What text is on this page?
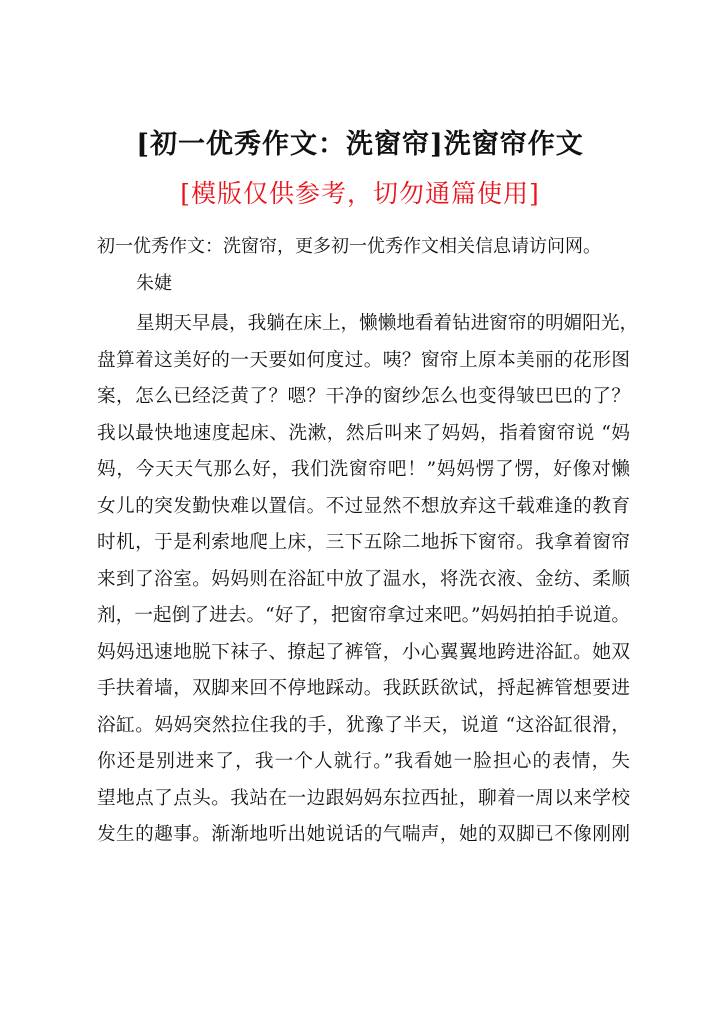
[初一优秀作文：洗窗帘]洗窗帘作文
[模版仅供参考，切勿通篇使用]
初一优秀作文：洗窗帘，更多初一优秀作文相关信息请访问网。
朱婕
星期天早晨，我躺在床上，懒懒地看着钻进窗帘的明媚阳光，
盘算着这美好的一天要如何度过。咦？窗帘上原本美丽的花形图
案，怎么已经泛黄了？嗯？干净的窗纱怎么也变得皱巴巴的了？
我以最快地速度起床、洗漱，然后叫来了妈妈，指着窗帘说 “妈
妈，今天天气那么好，我们洗窗帘吧！”妈妈愣了愣，好像对懒
女儿的突发勤快难以置信。不过显然不想放弃这千载难逢的教育
时机，于是利索地爬上床，三下五除二地拆下窗帘。我拿着窗帘
来到了浴室。妈妈则在浴缸中放了温水，将洗衣液、金纺、柔顺
剂，一起倒了进去。“好了，把窗帘拿过来吧。”妈妈拍拍手说道。
妈妈迅速地脱下袜子、撩起了裤管，小心翼翼地跨进浴缸。她双
手扶着墙，双脚来回不停地踩动。我跃跃欲试，捋起裤管想要进
浴缸。妈妈突然拉住我的手，犹豫了半天，说道 “这浴缸很滑，
你还是别进来了，我一个人就行。”我看她一脸担心的表情，失
望地点了点头。我站在一边跟妈妈东拉西扯，聊着一周以来学校
发生的趣事。渐渐地听出她说话的气喘声，她的双脚已不像刚刚
